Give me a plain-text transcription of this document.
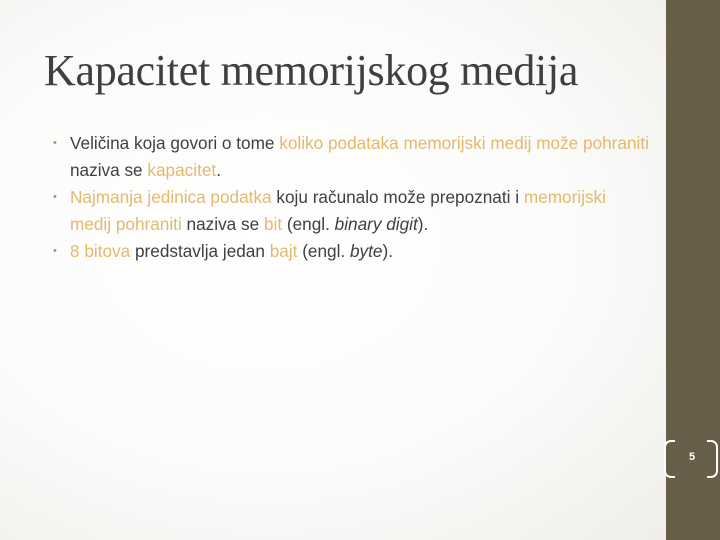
Kapacitet memorijskog medija
• Veličina koja govori o tome koliko podataka memorijski medij može pohraniti naziva se kapacitet.
• Najmanja jedinica podatka koju računalo može prepoznati i memorijski medij pohraniti naziva se bit (engl. binary digit).
• 8 bitova predstavlja jedan bajt (engl. byte).
5
